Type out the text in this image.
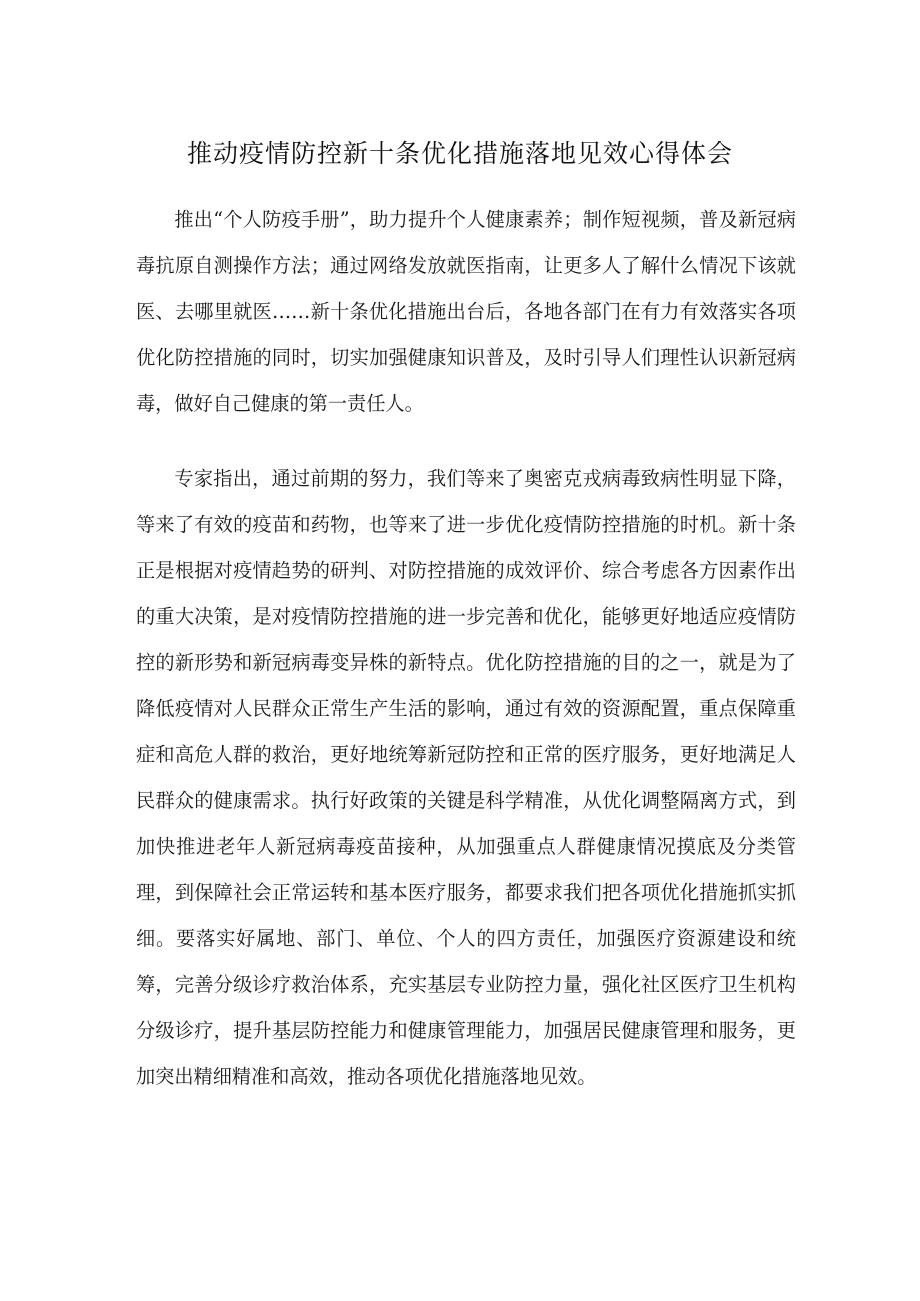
推动疫情防控新十条优化措施落地见效心得体会

推出“个人防疫手册”，助力提升个人健康素养；制作短视频，普及新冠病毒抗原自测操作方法；通过网络发放就医指南，让更多人了解什么情况下该就医、去哪里就医……新十条优化措施出台后，各地各部门在有力有效落实各项优化防控措施的同时，切实加强健康知识普及，及时引导人们理性认识新冠病毒，做好自己健康的第一责任人。

专家指出，通过前期的努力，我们等来了奥密克戎病毒致病性明显下降，等来了有效的疫苗和药物，也等来了进一步优化疫情防控措施的时机。新十条正是根据对疫情趋势的研判、对防控措施的成效评价、综合考虑各方因素作出的重大决策，是对疫情防控措施的进一步完善和优化，能够更好地适应疫情防控的新形势和新冠病毒变异株的新特点。优化防控措施的目的之一，就是为了降低疫情对人民群众正常生产生活的影响，通过有效的资源配置，重点保障重症和高危人群的救治，更好地统筹新冠防控和正常的医疗服务，更好地满足人民群众的健康需求。执行好政策的关键是科学精准，从优化调整隔离方式，到加快推进老年人新冠病毒疫苗接种，从加强重点人群健康情况摸底及分类管理，到保障社会正常运转和基本医疗服务，都要求我们把各项优化措施抓实抓细。要落实好属地、部门、单位、个人的四方责任，加强医疗资源建设和统筹，完善分级诊疗救治体系，充实基层专业防控力量，强化社区医疗卫生机构分级诊疗，提升基层防控能力和健康管理能力，加强居民健康管理和服务，更加突出精细精准和高效，推动各项优化措施落地见效。
